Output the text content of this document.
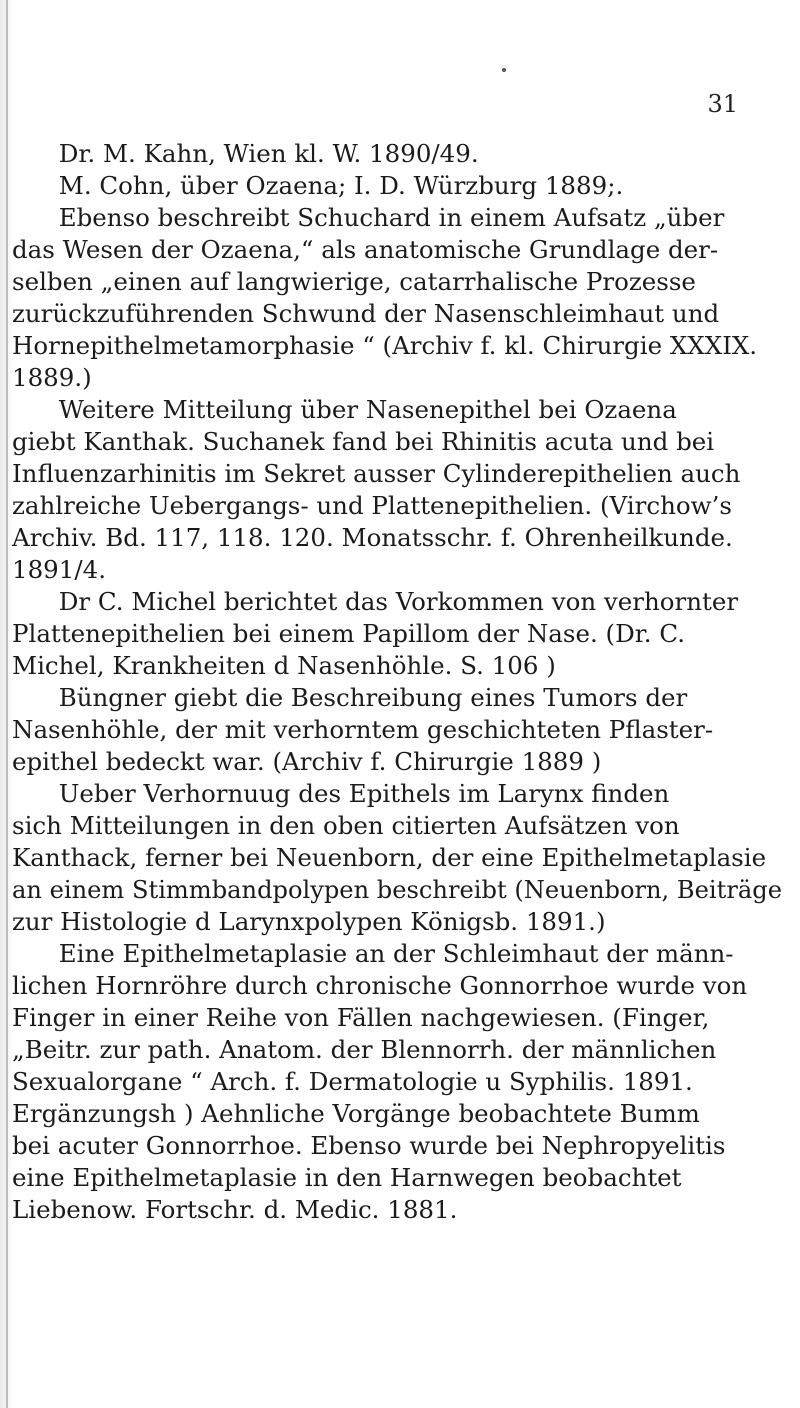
31
Dr. M. Kahn, Wien kl. W. 1890/49.
M. Cohn, über Ozaena; I. D. Würzburg 1889;.
Ebenso beschreibt Schuchard in einem Aufsatz „über
das Wesen der Ozaena,“ als anatomische Grundlage der-
selben „einen auf langwierige, catarrhalische Prozesse
zurückzuführenden Schwund der Nasenschleimhaut und
Hornepithelmetamorphasie “ (Archiv f. kl. Chirurgie XXXIX.
1889.)
Weitere Mitteilung über Nasenepithel bei Ozaena
giebt Kanthak. Suchanek fand bei Rhinitis acuta und bei
Influenzarhinitis im Sekret ausser Cylinderepithelien auch
zahlreiche Uebergangs- und Plattenepithelien. (Virchow’s
Archiv. Bd. 117, 118. 120. Monatsschr. f. Ohrenheilkunde.
1891/4.
Dr C. Michel berichtet das Vorkommen von verhornter
Plattenepithelien bei einem Papillom der Nase. (Dr. C.
Michel, Krankheiten d Nasenhöhle. S. 106 )
Büngner giebt die Beschreibung eines Tumors der
Nasenhöhle, der mit verhorntem geschichteten Pflaster-
epithel bedeckt war. (Archiv f. Chirurgie 1889 )
Ueber Verhornuug des Epithels im Larynx finden
sich Mitteilungen in den oben citierten Aufsätzen von
Kanthack, ferner bei Neuenborn, der eine Epithelmetaplasie
an einem Stimmbandpolypen beschreibt (Neuenborn, Beiträge
zur Histologie d Larynxpolypen Königsb. 1891.)
Eine Epithelmetaplasie an der Schleimhaut der männ-
lichen Hornröhre durch chronische Gonnorrhoe wurde von
Finger in einer Reihe von Fällen nachgewiesen. (Finger,
„Beitr. zur path. Anatom. der Blennorrh. der männlichen
Sexualorgane “ Arch. f. Dermatologie u Syphilis. 1891.
Ergänzungsh ) Aehnliche Vorgänge beobachtete Bumm
bei acuter Gonnorrhoe. Ebenso wurde bei Nephropyelitis
eine Epithelmetaplasie in den Harnwegen beobachtet
Liebenow. Fortschr. d. Medic. 1881.
